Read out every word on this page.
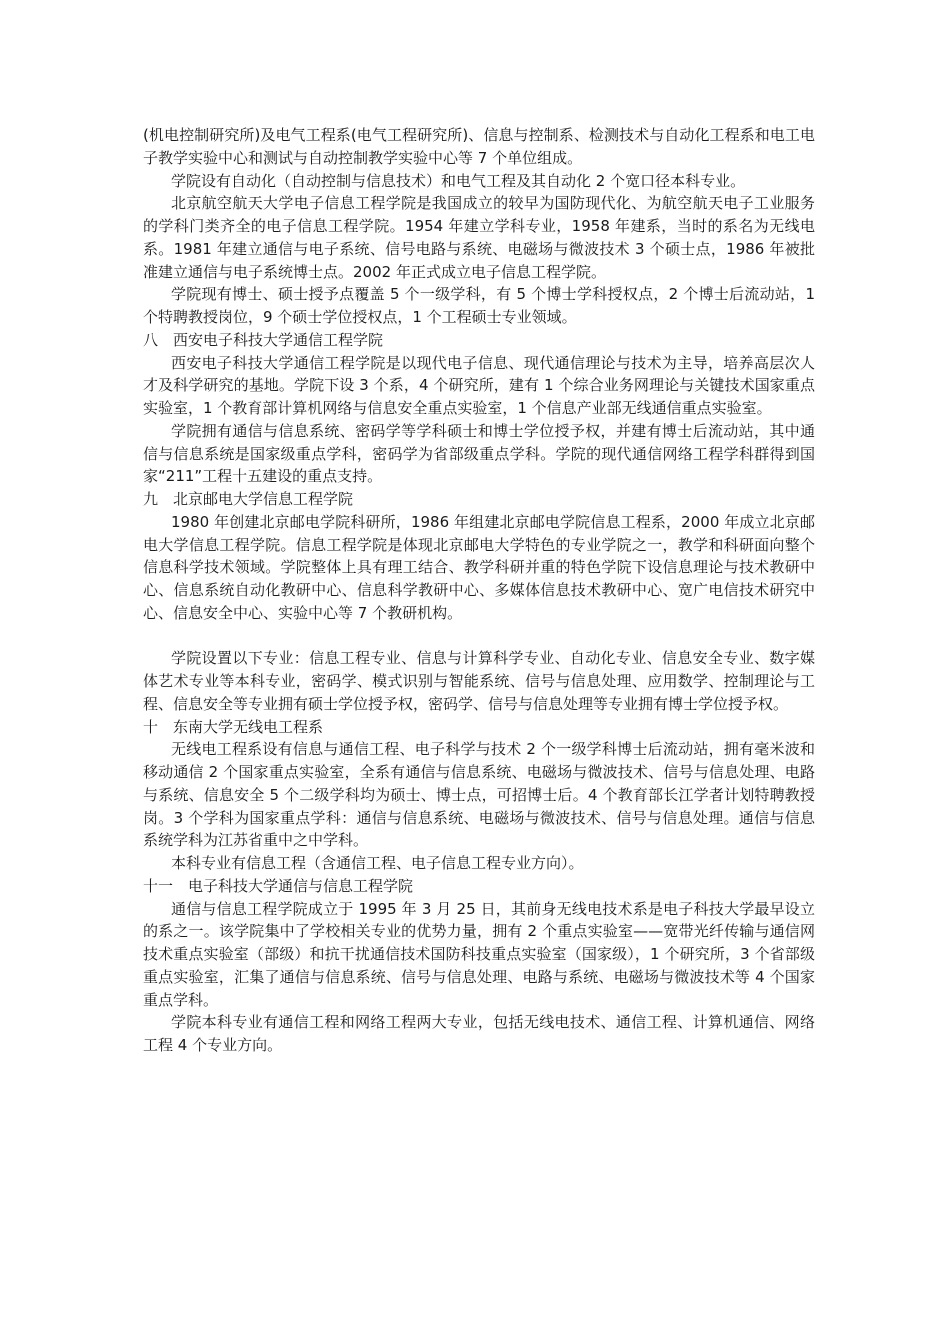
(机电控制研究所)及电气工程系(电气工程研究所)、信息与控制系、检测技术与自动化工程系和电工电子教学实验中心和测试与自动控制教学实验中心等 7 个单位组成。

学院设有自动化（自动控制与信息技术）和电气工程及其自动化 2 个宽口径本科专业。

北京航空航天大学电子信息工程学院是我国成立的较早为国防现代化、为航空航天电子工业服务的学科门类齐全的电子信息工程学院。1954 年建立学科专业，1958 年建系，当时的系名为无线电系。1981 年建立通信与电子系统、信号电路与系统、电磁场与微波技术 3 个硕士点，1986 年被批准建立通信与电子系统博士点。2002 年正式成立电子信息工程学院。

学院现有博士、硕士授予点覆盖 5 个一级学科，有 5 个博士学科授权点，2 个博士后流动站，1 个特聘教授岗位，9 个硕士学位授权点，1 个工程硕士专业领域。

八　西安电子科技大学通信工程学院

西安电子科技大学通信工程学院是以现代电子信息、现代通信理论与技术为主导，培养高层次人才及科学研究的基地。学院下设 3 个系，4 个研究所，建有 1 个综合业务网理论与关键技术国家重点实验室，1 个教育部计算机网络与信息安全重点实验室，1 个信息产业部无线通信重点实验室。

学院拥有通信与信息系统、密码学等学科硕士和博士学位授予权，并建有博士后流动站，其中通信与信息系统是国家级重点学科，密码学为省部级重点学科。学院的现代通信网络工程学科群得到国家“211”工程十五建设的重点支持。

九　北京邮电大学信息工程学院

1980 年创建北京邮电学院科研所，1986 年组建北京邮电学院信息工程系，2000 年成立北京邮电大学信息工程学院。信息工程学院是体现北京邮电大学特色的专业学院之一，教学和科研面向整个信息科学技术领域。学院整体上具有理工结合、教学科研并重的特色学院下设信息理论与技术教研中心、信息系统自动化教研中心、信息科学教研中心、多媒体信息技术教研中心、宽广电信技术研究中心、信息安全中心、实验中心等 7 个教研机构。

学院设置以下专业：信息工程专业、信息与计算科学专业、自动化专业、信息安全专业、数字媒体艺术专业等本科专业，密码学、模式识别与智能系统、信号与信息处理、应用数学、控制理论与工程、信息安全等专业拥有硕士学位授予权，密码学、信号与信息处理等专业拥有博士学位授予权。

十　东南大学无线电工程系

无线电工程系设有信息与通信工程、电子科学与技术 2 个一级学科博士后流动站，拥有毫米波和移动通信 2 个国家重点实验室，全系有通信与信息系统、电磁场与微波技术、信号与信息处理、电路与系统、信息安全 5 个二级学科均为硕士、博士点，可招博士后。4 个教育部长江学者计划特聘教授岗。3 个学科为国家重点学科：通信与信息系统、电磁场与微波技术、信号与信息处理。通信与信息系统学科为江苏省重中之中学科。

本科专业有信息工程（含通信工程、电子信息工程专业方向）。

十一　电子科技大学通信与信息工程学院

通信与信息工程学院成立于 1995 年 3 月 25 日，其前身无线电技术系是电子科技大学最早设立的系之一。该学院集中了学校相关专业的优势力量，拥有 2 个重点实验室——宽带光纤传输与通信网技术重点实验室（部级）和抗干扰通信技术国防科技重点实验室（国家级），1 个研究所，3 个省部级重点实验室，汇集了通信与信息系统、信号与信息处理、电路与系统、电磁场与微波技术等 4 个国家重点学科。

学院本科专业有通信工程和网络工程两大专业，包括无线电技术、通信工程、计算机通信、网络工程 4 个专业方向。
